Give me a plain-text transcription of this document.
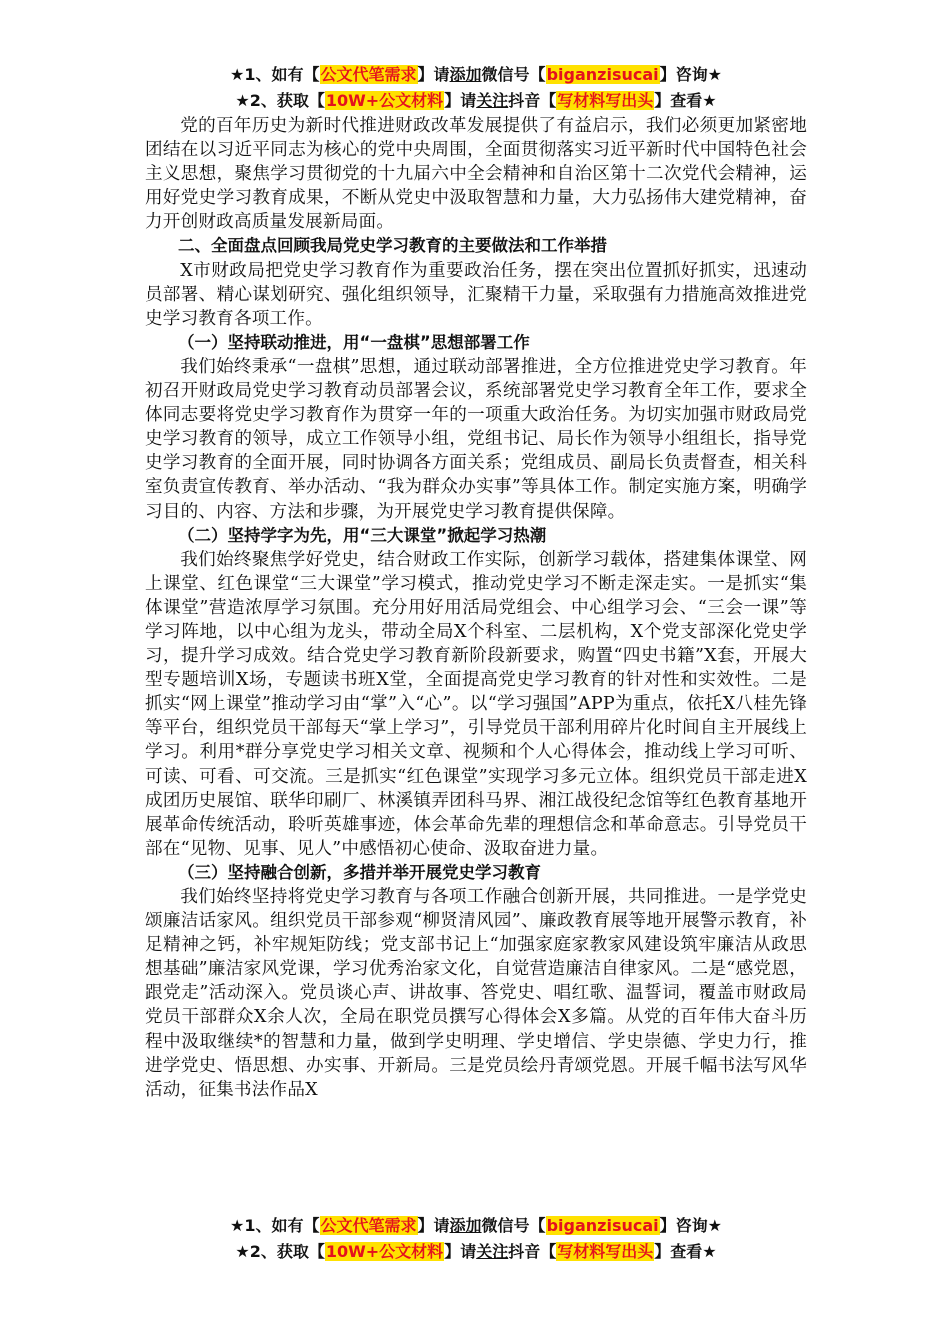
★1、如有【公文代笔需求】请添加微信号【biganzisucai】咨询★
★2、获取【10W+公文材料】请关注抖音【写材料写出头】查看★

党的百年历史为新时代推进财政改革发展提供了有益启示，我们必须更加紧密地团结在以习近平同志为核心的党中央周围，全面贯彻落实习近平新时代中国特色社会主义思想，聚焦学习贯彻党的十九届六中全会精神和自治区第十二次党代会精神，运用好党史学习教育成果，不断从党史中汲取智慧和力量，大力弘扬伟大建党精神，奋力开创财政高质量发展新局面。

二、全面盘点回顾我局党史学习教育的主要做法和工作举措

X市财政局把党史学习教育作为重要政治任务，摆在突出位置抓好抓实，迅速动员部署、精心谋划研究、强化组织领导，汇聚精干力量，采取强有力措施高效推进党史学习教育各项工作。

（一）坚持联动推进，用“一盘棋”思想部署工作

我们始终秉承“一盘棋”思想，通过联动部署推进，全方位推进党史学习教育。年初召开财政局党史学习教育动员部署会议，系统部署党史学习教育全年工作，要求全体同志要将党史学习教育作为贯穿一年的一项重大政治任务。为切实加强市财政局党史学习教育的领导，成立工作领导小组，党组书记、局长作为领导小组组长，指导党史学习教育的全面开展，同时协调各方面关系；党组成员、副局长负责督查，相关科室负责宣传教育、举办活动、“我为群众办实事”等具体工作。制定实施方案，明确学习目的、内容、方法和步骤，为开展党史学习教育提供保障。

（二）坚持学字为先，用“三大课堂”掀起学习热潮

我们始终聚焦学好党史，结合财政工作实际，创新学习载体，搭建集体课堂、网上课堂、红色课堂“三大课堂”学习模式，推动党史学习不断走深走实。一是抓实“集体课堂”营造浓厚学习氛围。充分用好用活局党组会、中心组学习会、“三会一课”等学习阵地，以中心组为龙头，带动全局X个科室、二层机构，X个党支部深化党史学习，提升学习成效。结合党史学习教育新阶段新要求，购置“四史书籍”X套，开展大型专题培训X场，专题读书班X堂，全面提高党史学习教育的针对性和实效性。二是抓实“网上课堂”推动学习由“掌”入“心”。以“学习强国”APP为重点，依托X八桂先锋等平台，组织党员干部每天“掌上学习”，引导党员干部利用碎片化时间自主开展线上学习。利用*群分享党史学习相关文章、视频和个人心得体会，推动线上学习可听、可读、可看、可交流。三是抓实“红色课堂”实现学习多元立体。组织党员干部走进X成团历史展馆、联华印刷厂、林溪镇弄团科马界、湘江战役纪念馆等红色教育基地开展革命传统活动，聆听英雄事迹，体会革命先辈的理想信念和革命意志。引导党员干部在“见物、见事、见人”中感悟初心使命、汲取奋进力量。

（三）坚持融合创新，多措并举开展党史学习教育

我们始终坚持将党史学习教育与各项工作融合创新开展，共同推进。一是学党史颂廉洁话家风。组织党员干部参观“柳贤清风园”、廉政教育展等地开展警示教育，补足精神之钙，补牢规矩防线；党支部书记上“加强家庭家教家风建设筑牢廉洁从政思想基础”廉洁家风党课，学习优秀治家文化，自觉营造廉洁自律家风。二是“感党恩，跟党走”活动深入。党员谈心声、讲故事、答党史、唱红歌、温誓词，覆盖市财政局党员干部群众X余人次，全局在职党员撰写心得体会X多篇。从党的百年伟大奋斗历程中汲取继续*的智慧和力量，做到学史明理、学史增信、学史崇德、学史力行，推进学党史、悟思想、办实事、开新局。三是党员绘丹青颂党恩。开展千幅书法写风华活动，征集书法作品X

★1、如有【公文代笔需求】请添加微信号【biganzisucai】咨询★
★2、获取【10W+公文材料】请关注抖音【写材料写出头】查看★
